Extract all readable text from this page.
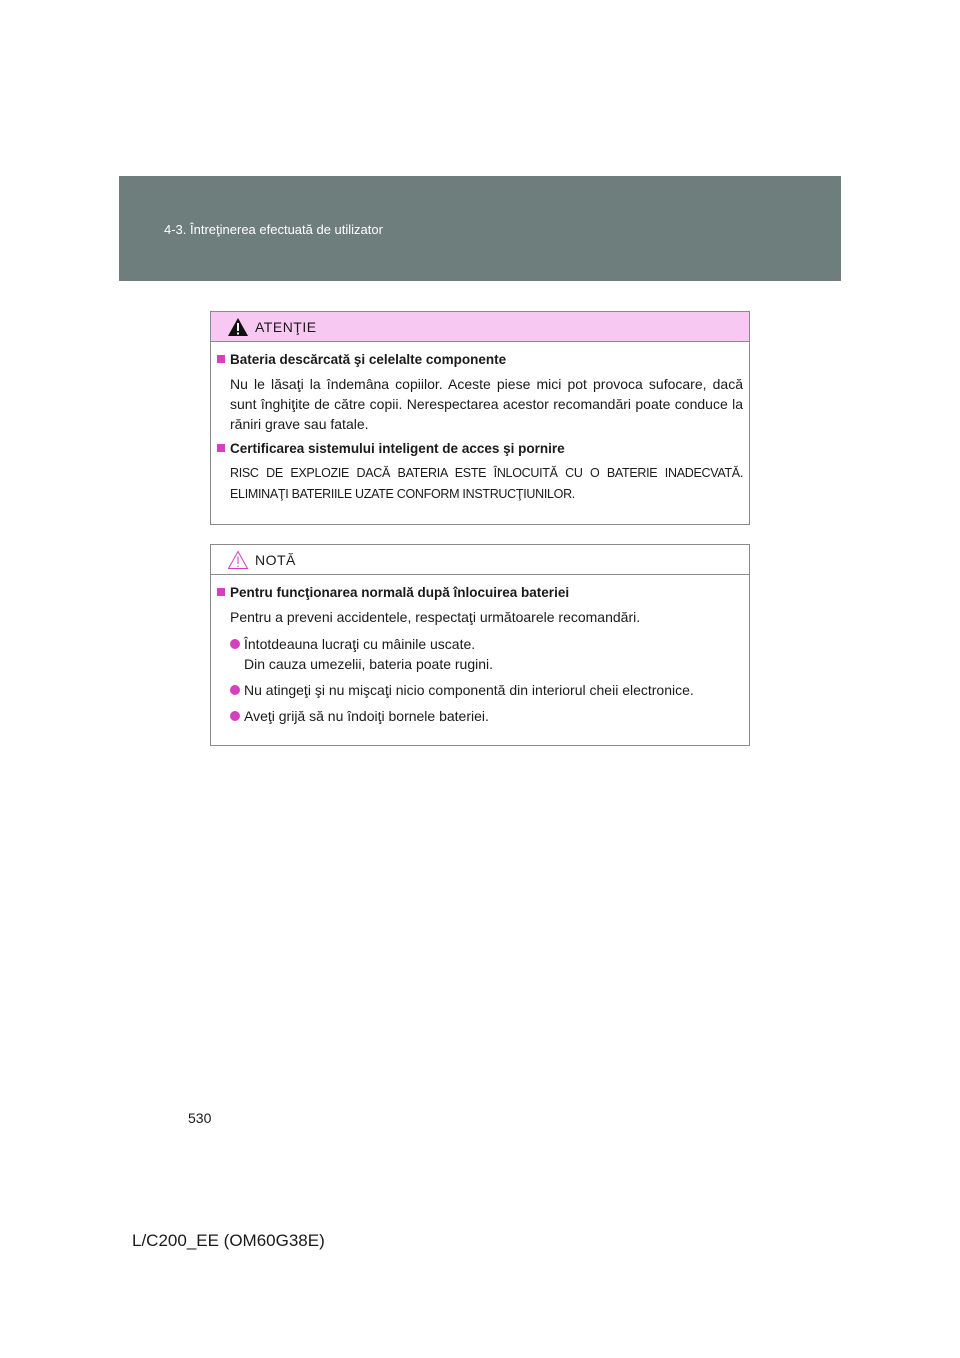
4-3. Întreţinerea efectuată de utilizator
ATENŢIE
Bateria descărcată şi celelalte componente
Nu le lăsaţi la îndemâna copiilor. Aceste piese mici pot provoca sufocare, dacă sunt înghiţite de către copii. Nerespectarea acestor recomandări poate conduce la răniri grave sau fatale.
Certificarea sistemului inteligent de acces şi pornire
RISC DE EXPLOZIE DACĂ BATERIA ESTE ÎNLOCUITĂ CU O BATERIE INADECVATĂ. ELIMINAŢI BATERIILE UZATE CONFORM INSTRUCŢIUNILOR.
NOTĂ
Pentru funcţionarea normală după înlocuirea bateriei
Pentru a preveni accidentele, respectaţi următoarele recomandări.
Întotdeauna lucraţi cu mâinile uscate.
Din cauza umezelii, bateria poate rugini.
Nu atingeţi şi nu mişcaţi nicio componentă din interiorul cheii electronice.
Aveţi grijă să nu îndoiţi bornele bateriei.
530
L/C200_EE (OM60G38E)
